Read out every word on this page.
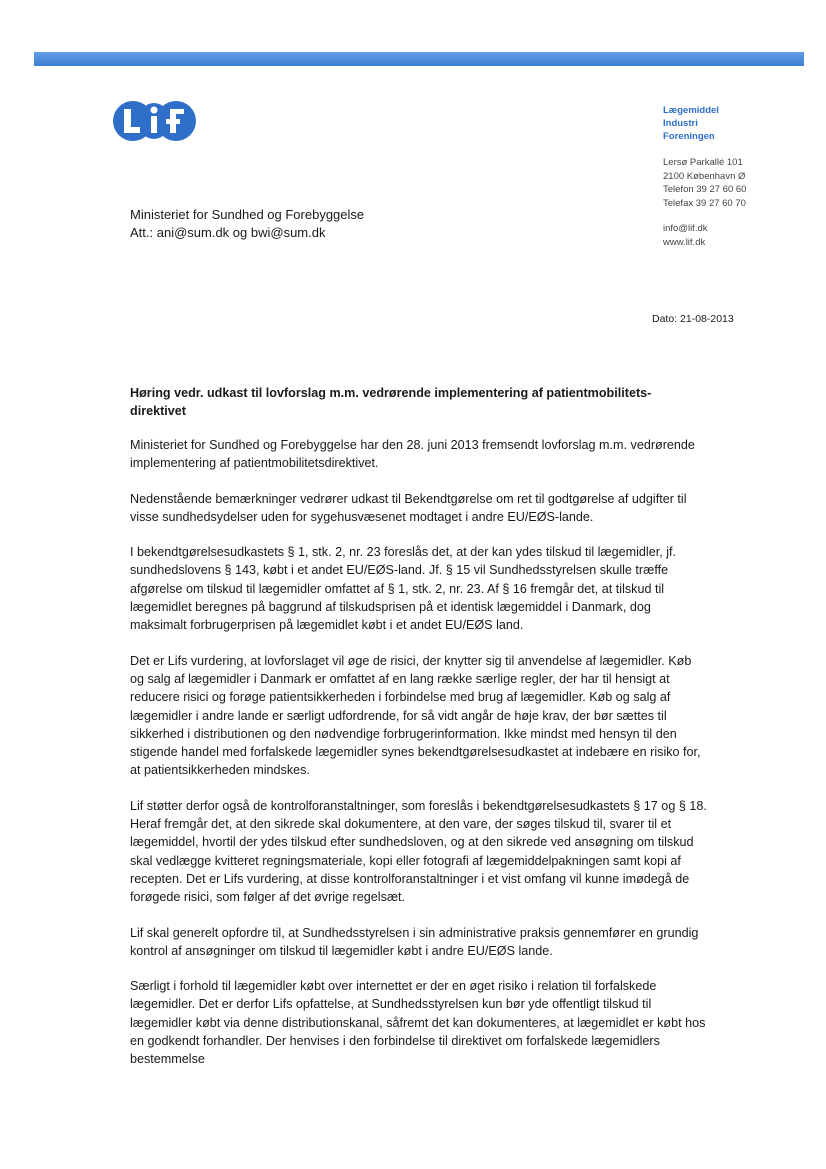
Lægemiddel
Industri
Foreningen
Lersø Parkallé 101
2100 København Ø
Telefon 39 27 60 60
Telefax 39 27 60 70
info@lif.dk
www.lif.dk
Ministeriet for Sundhed og Forebyggelse
Att.: ani@sum.dk og bwi@sum.dk
Dato: 21-08-2013
Høring vedr. udkast til lovforslag m.m. vedrørende implementering af patientmobilitets-direktivet

Ministeriet for Sundhed og Forebyggelse har den 28. juni 2013 fremsendt lovforslag m.m. vedrørende implementering af patientmobilitetsdirektivet.

Nedenstående bemærkninger vedrører udkast til Bekendtgørelse om ret til godtgørelse af udgifter til visse sundhedsydelser uden for sygehusvæsenet modtaget i andre EU/EØS-lande.

I bekendtgørelsesudkastets § 1, stk. 2, nr. 23 foreslås det, at der kan ydes tilskud til lægemidler, jf. sundhedslovens § 143, købt i et andet EU/EØS-land. Jf. § 15 vil Sundhedsstyrelsen skulle træffe afgørelse om tilskud til lægemidler omfattet af § 1, stk. 2, nr. 23. Af § 16 fremgår det, at tilskud til lægemidlet beregnes på baggrund af tilskudsprisen på et identisk lægemiddel i Danmark, dog maksimalt forbrugerprisen på lægemidlet købt i et andet EU/EØS land.

Det er Lifs vurdering, at lovforslaget vil øge de risici, der knytter sig til anvendelse af lægemidler. Køb og salg af lægemidler i Danmark er omfattet af en lang række særlige regler, der har til hensigt at reducere risici og forøge patientsikkerheden i forbindelse med brug af lægemidler. Køb og salg af lægemidler i andre lande er særligt udfordrende, for så vidt angår de høje krav, der bør sættes til sikkerhed i distributionen og den nødvendige forbrugerinformation. Ikke mindst med hensyn til den stigende handel med forfalskede lægemidler synes bekendtgørelsesudkastet at indebære en risiko for, at patientsikkerheden mindskes.

Lif støtter derfor også de kontrolforanstaltninger, som foreslås i bekendtgørelsesudkastets § 17 og § 18. Heraf fremgår det, at den sikrede skal dokumentere, at den vare, der søges tilskud til, svarer til et lægemiddel, hvortil der ydes tilskud efter sundhedsloven, og at den sikrede ved ansøgning om tilskud skal vedlægge kvitteret regningsmateriale, kopi eller fotografi af lægemiddelpakningen samt kopi af recepten. Det er Lifs vurdering, at disse kontrolforanstaltninger i et vist omfang vil kunne imødegå de forøgede risici, som følger af det øvrige regelsæt.

Lif skal generelt opfordre til, at Sundhedsstyrelsen i sin administrative praksis gennemfører en grundig kontrol af ansøgninger om tilskud til lægemidler købt i andre EU/EØS lande.

Særligt i forhold til lægemidler købt over internettet er der en øget risiko i relation til forfalskede lægemidler. Det er derfor Lifs opfattelse, at Sundhedsstyrelsen kun bør yde offentligt tilskud til lægemidler købt via denne distributionskanal, såfremt det kan dokumenteres, at lægemidlet er købt hos en godkendt forhandler. Der henvises i den forbindelse til direktivet om forfalskede lægemidlers bestemmelse
